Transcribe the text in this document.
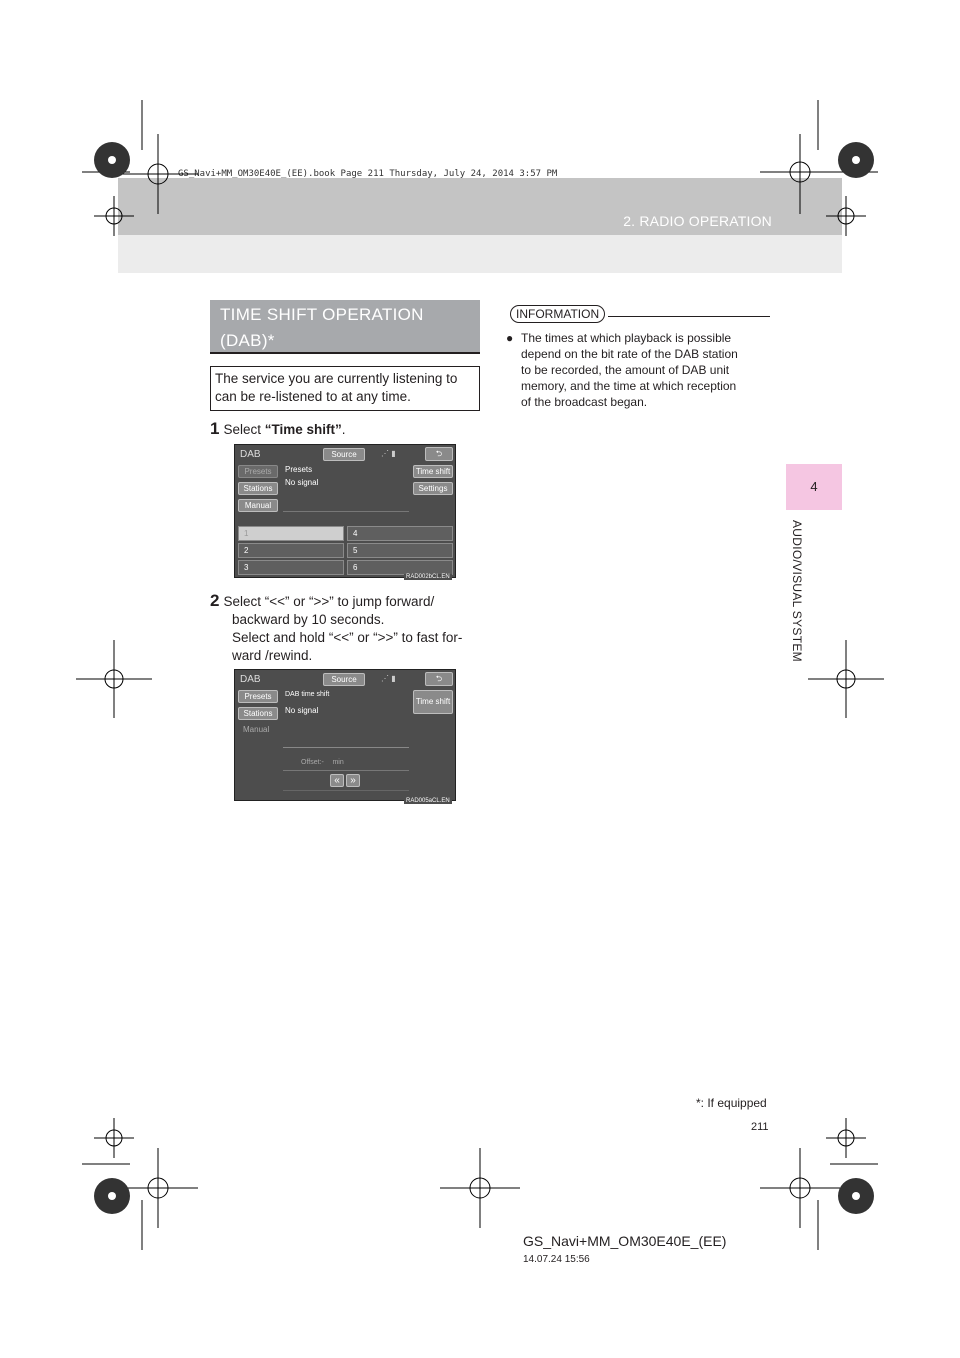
GS_Navi+MM_OM30E40E_(EE).book Page 211 Thursday, July 24, 2014 3:57 PM
2. RADIO OPERATION
4
AUDIO/VISUAL SYSTEM
TIME SHIFT OPERATION
(DAB)*
The service you are currently listening to
can be re-listened to at any time.
1 Select “Time shift”.
DAB	Source	⋰ ▮	⮌
Presets
Stations
Manual
Presets
No signal
Time shift
Settings
1
2
3
4
5
6
RAD002bCL.EN
2 Select “<<” or “>>” to jump forward/
backward by 10 seconds.
Select and hold “<<” or “>>” to fast for-
ward /rewind.
DAB	Source	⋰ ▮	⮌
Presets
Stations
Manual
DAB time shift
No signal
Time shift
Offset:-     min
«	»
RAD005aCL.EN
INFORMATION
● The times at which playback is possible
depend on the bit rate of the DAB station
to be recorded, the amount of DAB unit
memory, and the time at which reception
of the broadcast began.
*: If equipped
211
GS_Navi+MM_OM30E40E_(EE)
14.07.24 15:56
